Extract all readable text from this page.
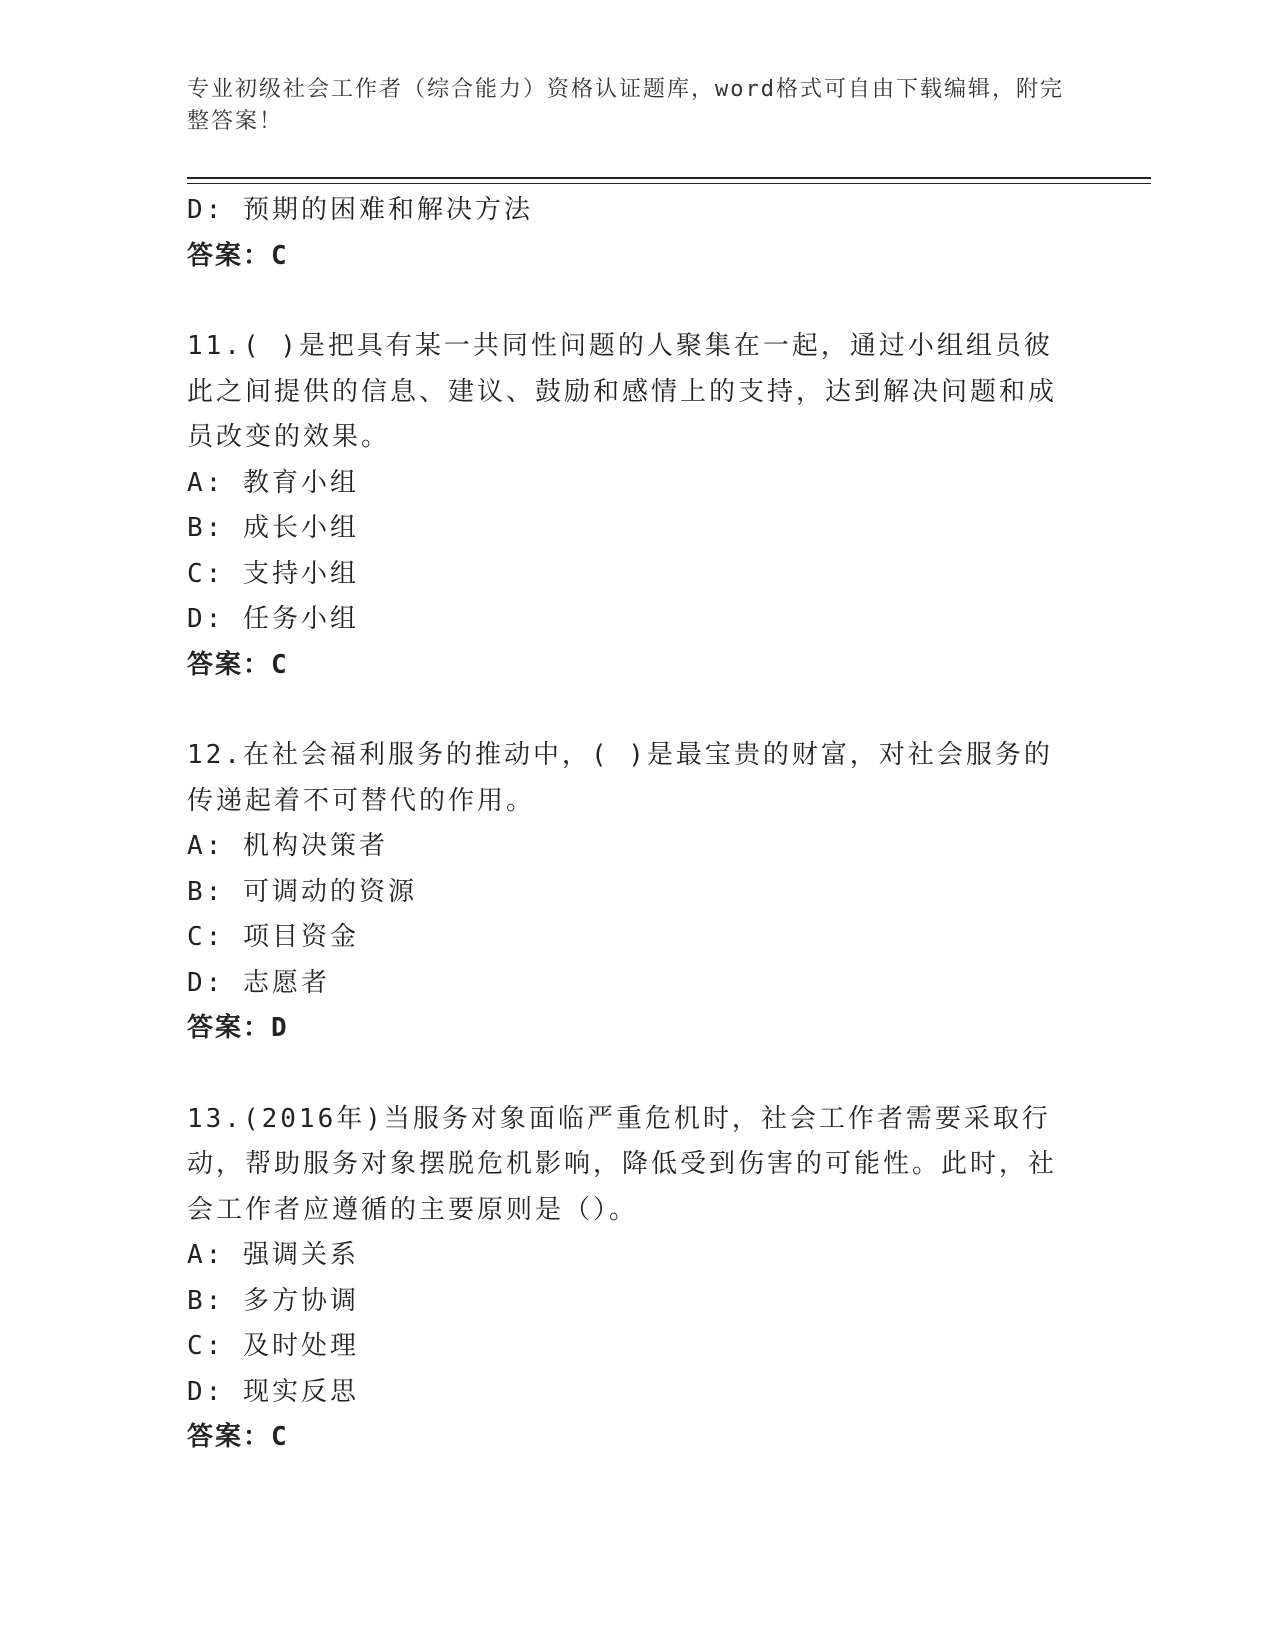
专业初级社会工作者（综合能力）资格认证题库，word格式可自由下载编辑，附完整答案！
D: 预期的困难和解决方法
答案：C
11.( )是把具有某一共同性问题的人聚集在一起，通过小组组员彼此之间提供的信息、建议、鼓励和感情上的支持，达到解决问题和成员改变的效果。
A: 教育小组
B: 成长小组
C: 支持小组
D: 任务小组
答案：C
12.在社会福利服务的推动中，( )是最宝贵的财富，对社会服务的传递起着不可替代的作用。
A: 机构决策者
B: 可调动的资源
C: 项目资金
D: 志愿者
答案：D
13.(2016年)当服务对象面临严重危机时，社会工作者需要采取行动，帮助服务对象摆脱危机影响，降低受到伤害的可能性。此时，社会工作者应遵循的主要原则是（）。
A: 强调关系
B: 多方协调
C: 及时处理
D: 现实反思
答案：C
